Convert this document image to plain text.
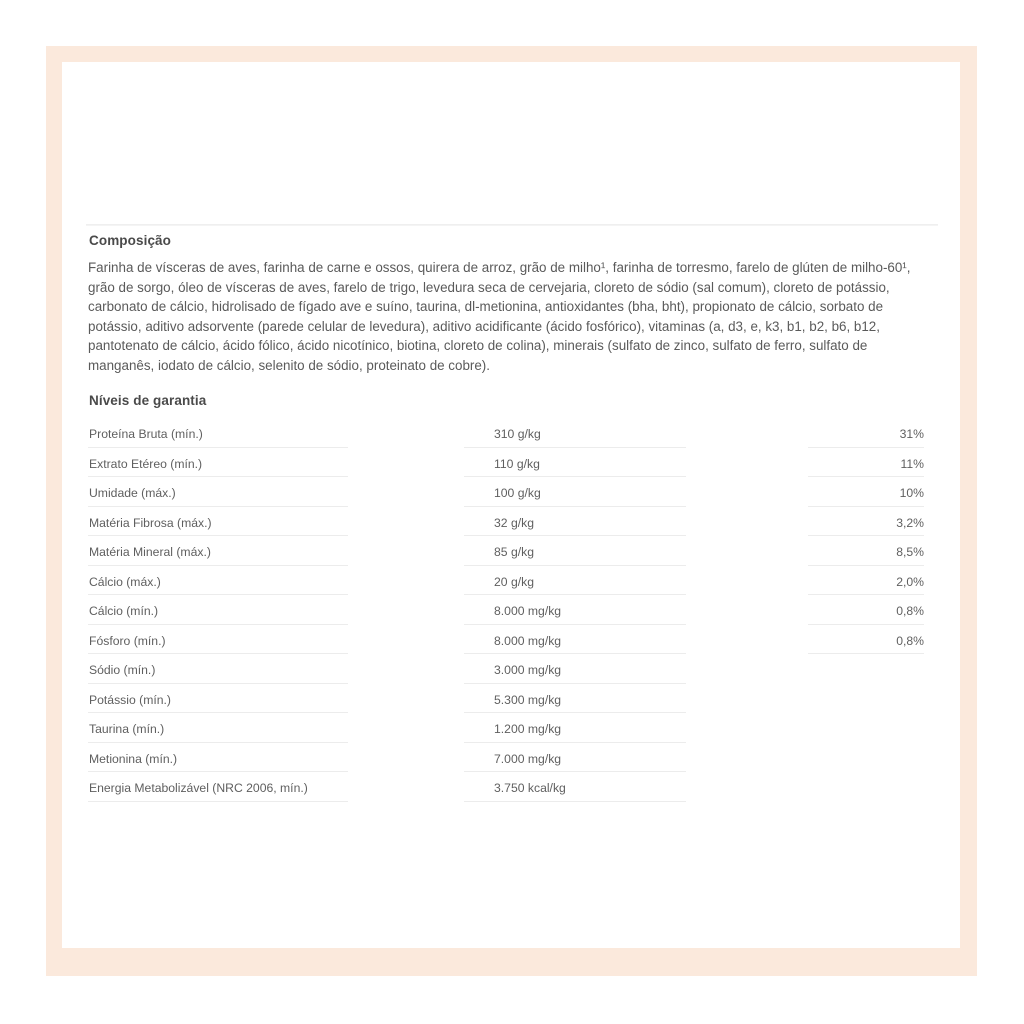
Composição

Farinha de vísceras de aves, farinha de carne e ossos, quirera de arroz, grão de milho¹, farinha de torresmo, farelo de glúten de milho-60¹, grão de sorgo, óleo de vísceras de aves, farelo de trigo, levedura seca de cervejaria, cloreto de sódio (sal comum), cloreto de potássio, carbonato de cálcio, hidrolisado de fígado ave e suíno, taurina, dl-metionina, antioxidantes (bha, bht), propionato de cálcio, sorbato de potássio, aditivo adsorvente (parede celular de levedura), aditivo acidificante (ácido fosfórico), vitaminas (a, d3, e, k3, b1, b2, b6, b12, pantotenato de cálcio, ácido fólico, ácido nicotínico, biotina, cloreto de colina), minerais (sulfato de zinco, sulfato de ferro, sulfato de manganês, iodato de cálcio, selenito de sódio, proteinato de cobre).

Níveis de garantia
Proteína Bruta (mín.)	310 g/kg	31%
Extrato Etéreo (mín.)	110 g/kg	11%
Umidade (máx.)	100 g/kg	10%
Matéria Fibrosa (máx.)	32 g/kg	3,2%
Matéria Mineral (máx.)	85 g/kg	8,5%
Cálcio (máx.)	20 g/kg	2,0%
Cálcio (mín.)	8.000 mg/kg	0,8%
Fósforo (mín.)	8.000 mg/kg	0,8%
Sódio (mín.)	3.000 mg/kg
Potássio (mín.)	5.300 mg/kg
Taurina (mín.)	1.200 mg/kg
Metionina (mín.)	7.000 mg/kg
Energia Metabolizável (NRC 2006, mín.)	3.750 kcal/kg
